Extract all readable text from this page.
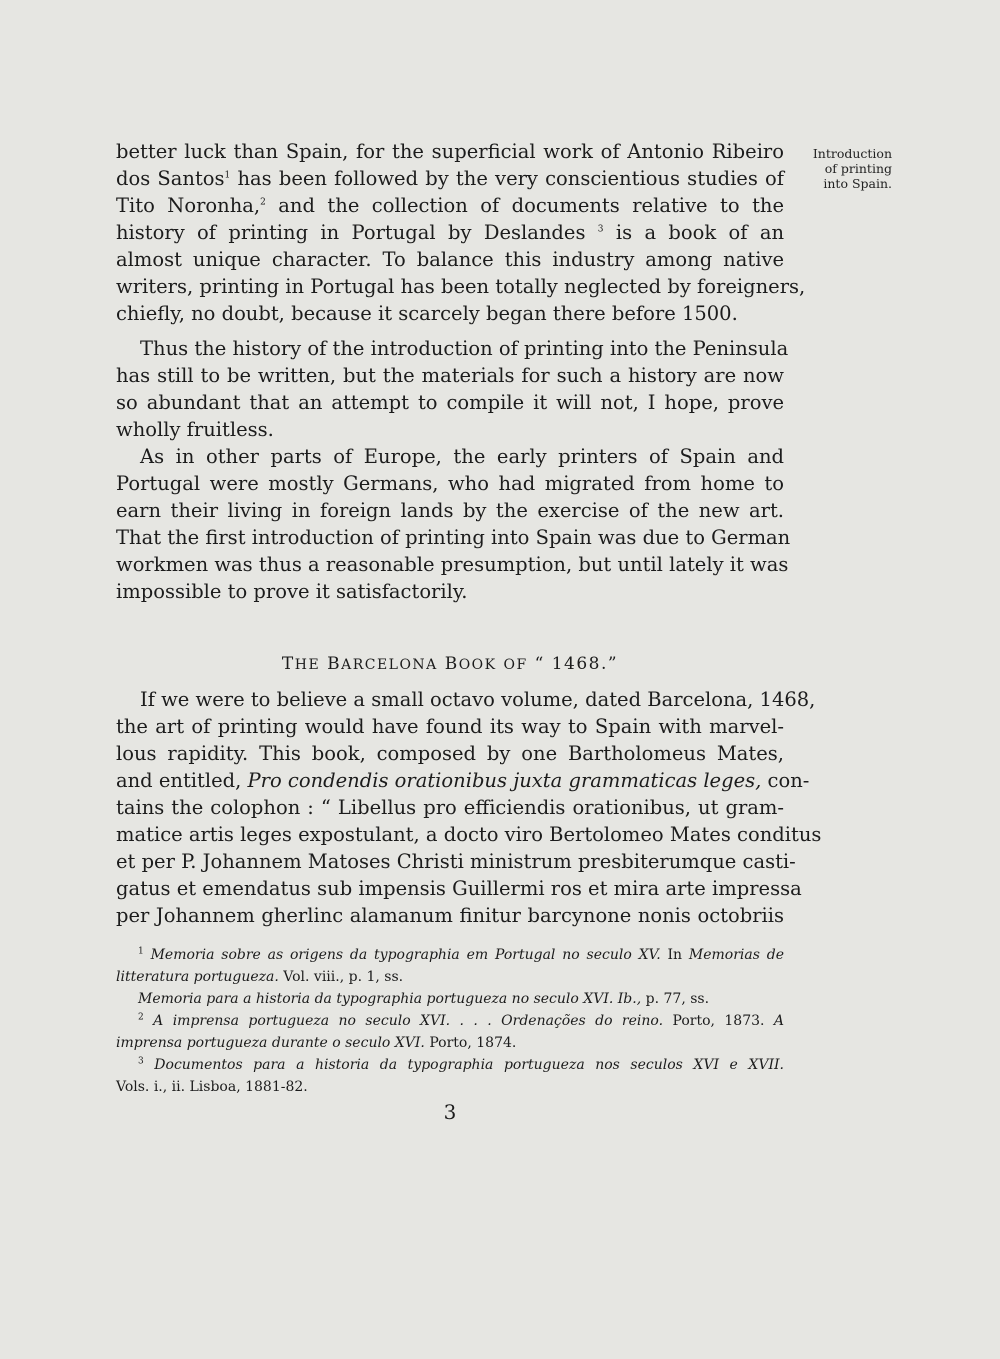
Introduction
of printing
into Spain.
better luck than Spain, for the superficial work of Antonio Ribeiro
dos Santos$^1$ has been followed by the very conscientious studies of
Tito Noronha,$^2$ and the collection of documents relative to the
history of printing in Portugal by Deslandes $^3$ is a book of an
almost unique character. To balance this industry among native
writers, printing in Portugal has been totally neglected by foreigners,
chiefly, no doubt, because it scarcely began there before 1500.
Thus the history of the introduction of printing into the Peninsula
has still to be written, but the materials for such a history are now
so abundant that an attempt to compile it will not, I hope, prove
wholly fruitless.
As in other parts of Europe, the early printers of Spain and
Portugal were mostly Germans, who had migrated from home to
earn their living in foreign lands by the exercise of the new art.
That the first introduction of printing into Spain was due to German
workmen was thus a reasonable presumption, but until lately it was
impossible to prove it satisfactorily.
THE BARCELONA BOOK OF “ 1468.”
If we were to believe a small octavo volume, dated Barcelona, 1468,
the art of printing would have found its way to Spain with marvel-
lous rapidity. This book, composed by one Bartholomeus Mates,
and entitled, Pro condendis orationibus juxta grammaticas leges, con-
tains the colophon : “ Libellus pro efficiendis orationibus, ut gram-
matice artis leges expostulant, a docto viro Bertolomeo Mates conditus
et per P. Johannem Matoses Christi ministrum presbiterumque casti-
gatus et emendatus sub impensis Guillermi ros et mira arte impressa
per Johannem gherlinc alamanum finitur barcynone nonis octobriis
$^1$ Memoria sobre as origens da typographia em Portugal no seculo XV. In Memorias de
litteratura portugueza. Vol. viii., p. 1, ss.
Memoria para a historia da typographia portugueza no seculo XVI. Ib., p. 77, ss.
$^2$ A imprensa portugueza no seculo XVI. . . . Ordenações do reino. Porto, 1873. A
imprensa portugueza durante o seculo XVI. Porto, 1874.
$^3$ Documentos para a historia da typographia portugueza nos seculos XVI e XVII.
Vols. i., ii. Lisboa, 1881-82.
3
